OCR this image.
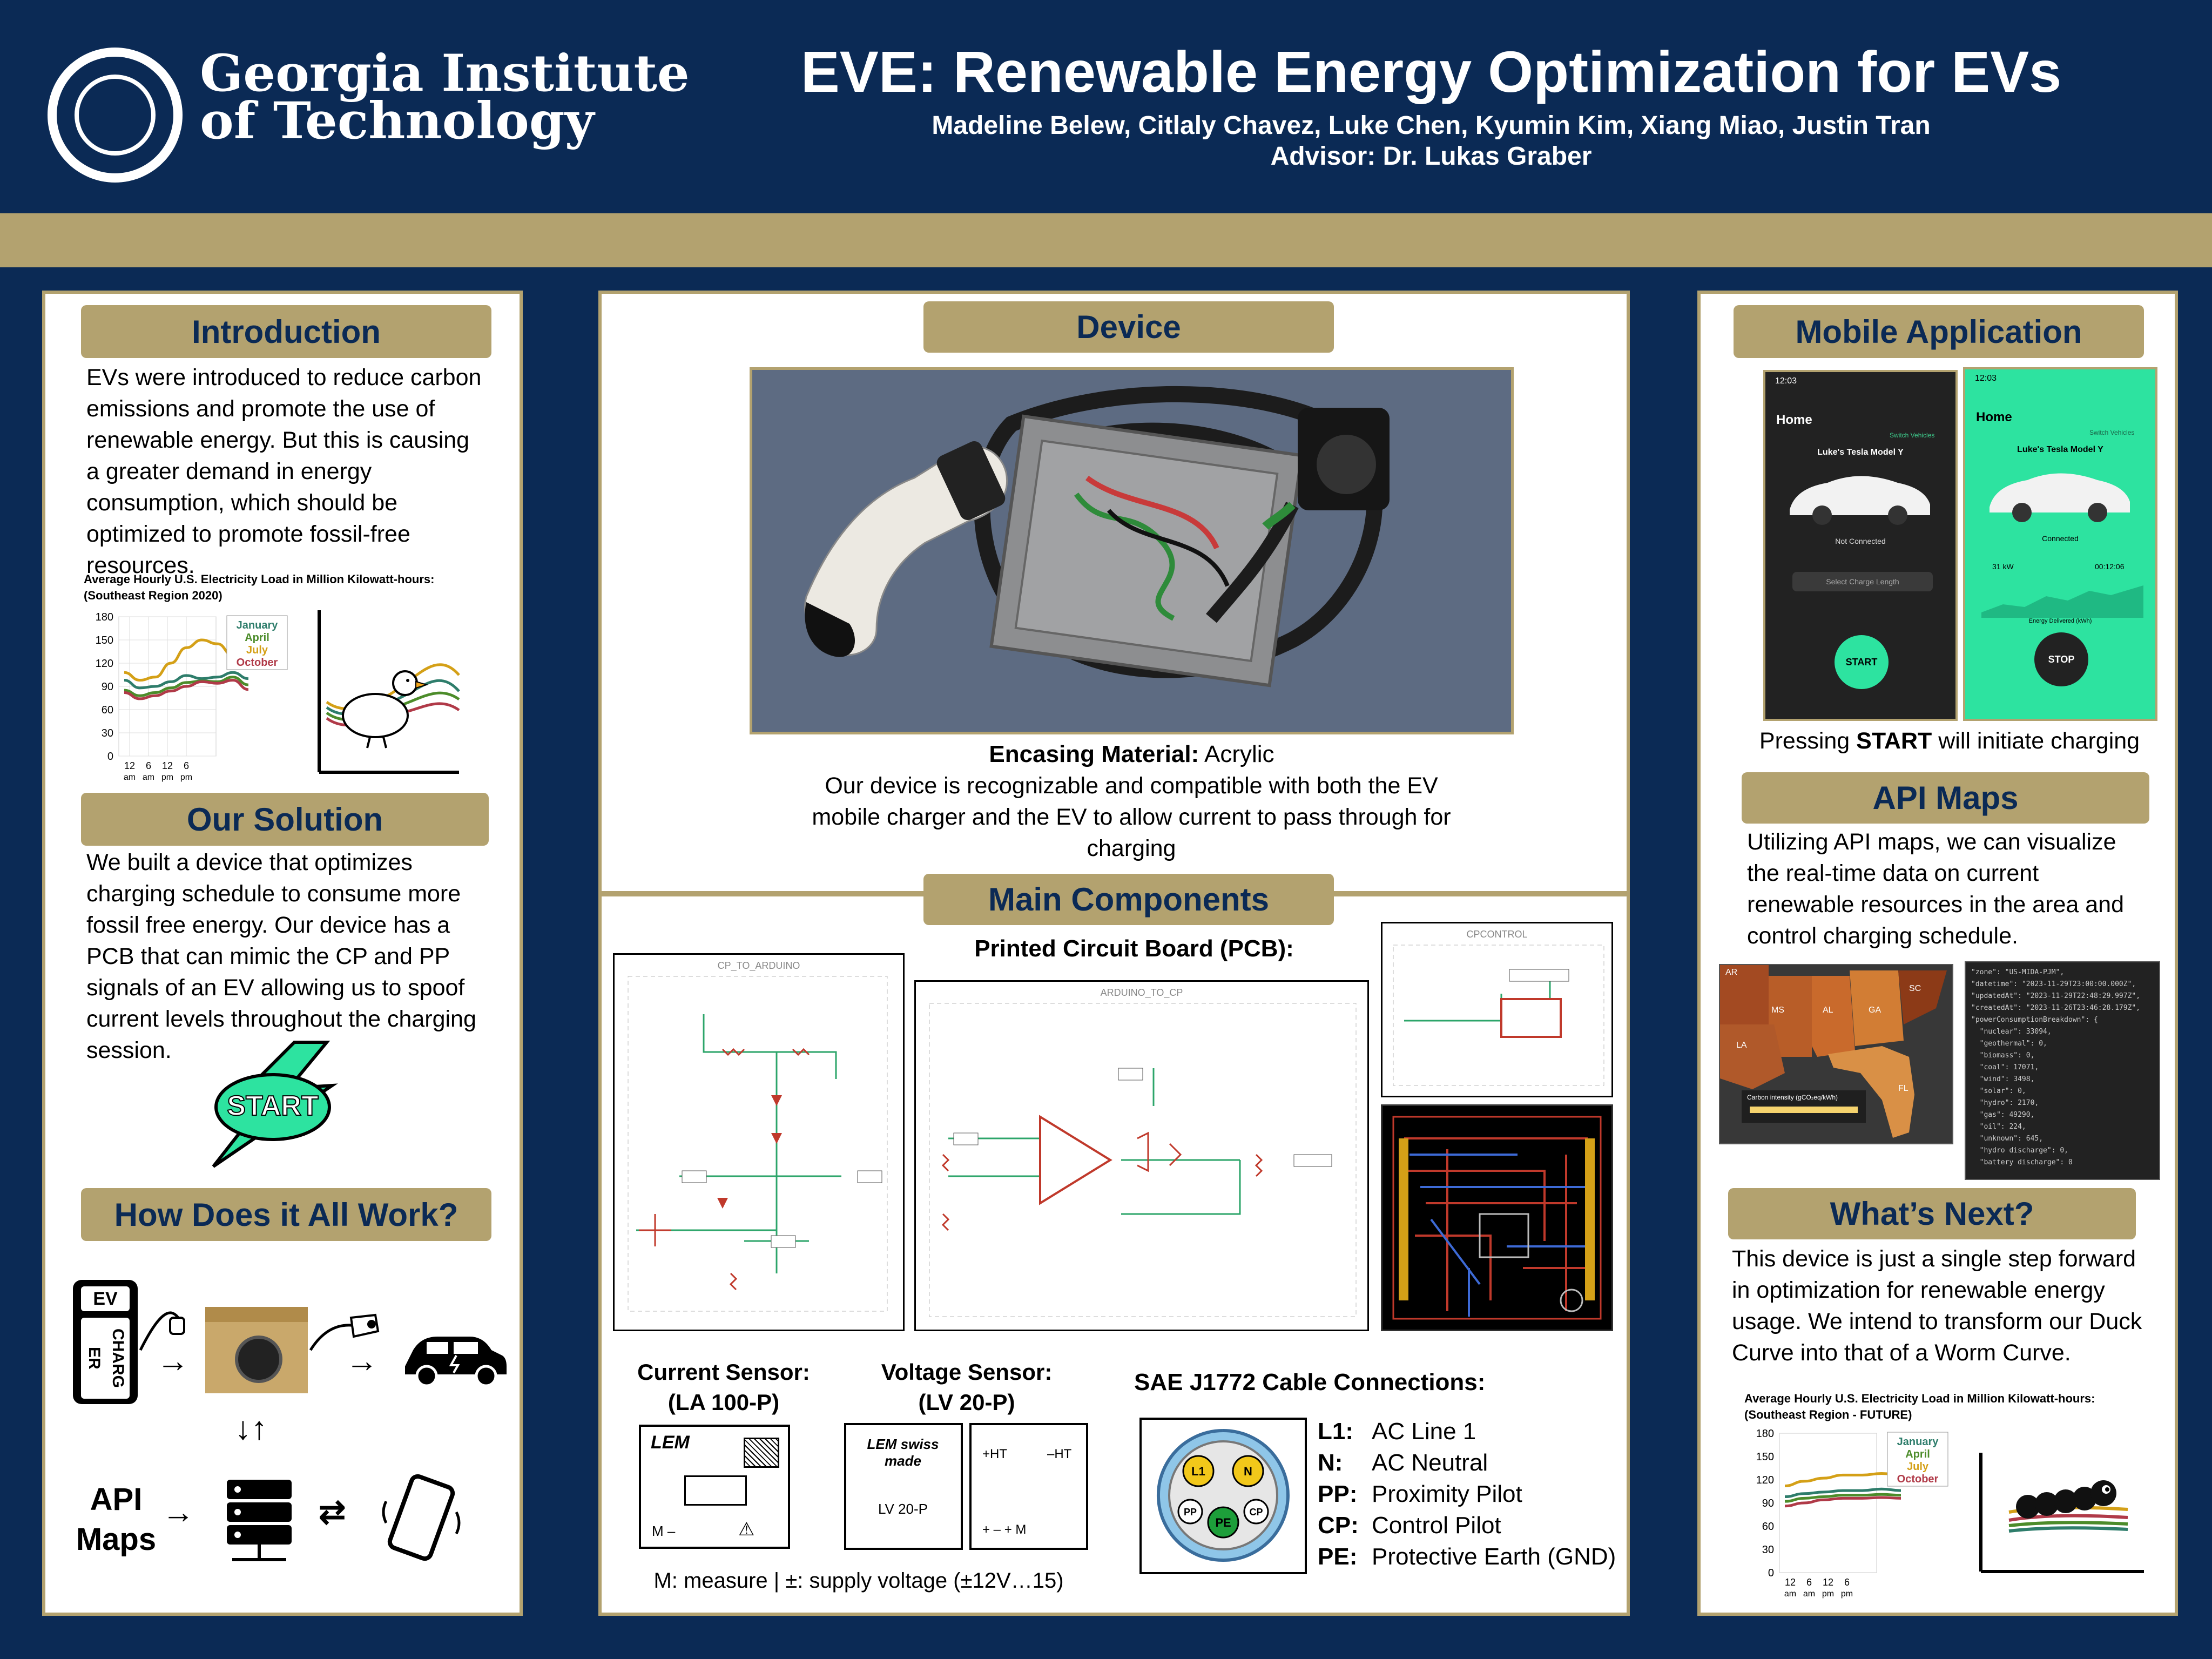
Georgia Institute
of Technology
EVE: Renewable Energy Optimization for EVs
Madeline Belew, Citlaly Chavez, Luke Chen, Kyumin Kim, Xiang Miao, Justin Tran
Advisor: Dr. Lukas Graber
Introduction
EVs were introduced to reduce carbon emissions and promote the use of renewable energy. But this is causing a greater demand in energy consumption, which should be optimized to promote fossil-free resources.
Average Hourly U.S. Electricity Load in Million Kilowatt-hours: (Southeast Region 2020)
0
30
60
90
120
150
180
12
am
6
am
12
pm
6
pm
January
April
July
October
Our Solution
We built a device that optimizes charging schedule to consume more fossil free energy. Our device has a PCB that can mimic the CP and PP signals of an EV allowing us to spoof current levels throughout the charging session.
START
How Does it All Work?
EV
CHARG ER	→	→
↓↑
API Maps
→	⇄
Device
Encasing Material: Acrylic
Our device is recognizable and compatible with both the EV mobile charger and the EV to allow current to pass through for charging
Main Components
Printed Circuit Board (PCB):
CP_TO_ARDUINO
ARDUINO_TO_CP
CPCONTROL
Current Sensor:
(LA 100-P)
LEM
M –	⚠
Voltage Sensor:
(LV 20-P)
LEM swiss made
LV 20-P
+HT	–HT
+ – + M
M: measure | ±: supply voltage (±12V…15)
SAE J1772 Cable Connections:
L1	N
PP
PE
CP
L1: AC Line 1
N: AC Neutral
PP: Proximity Pilot
CP: Control Pilot
PE: Protective Earth (GND)
Mobile Application
12:03
Home
Switch Vehicles
Luke's Tesla Model Y
Not Connected
Select Charge Length
START
12:03
Home
Switch Vehicles
Luke's Tesla Model Y
Connected
31 kW	00:12:06
Energy Delivered (kWh)
STOP
Pressing START will initiate charging
API Maps
Utilizing API maps, we can visualize the real-time data on current renewable resources in the area and control charging schedule.
AR
MS	AL	GA
SC
LA
FL
Carbon intensity (gCO₂eq/kWh)
"zone": "US-MIDA-PJM",
"datetime": "2023-11-29T23:00:00.000Z",
"updatedAt": "2023-11-29T22:48:29.997Z",
"createdAt": "2023-11-26T23:46:28.179Z",
"powerConsumptionBreakdown": {
"nuclear": 33094,
"geothermal": 0,
"biomass": 0,
"coal": 17071,
"wind": 3498,
"solar": 0,
"hydro": 2170,
"gas": 49290,
"oil": 224,
"unknown": 645,
"hydro discharge": 0,
"battery discharge": 0
What’s Next?
This device is just a single step forward in optimization for renewable energy usage. We intend to transform our Duck Curve into that of a Worm Curve.
Average Hourly U.S. Electricity Load in Million Kilowatt-hours: (Southeast Region - FUTURE)
0
30
60
90
120
150
180
12
am
6
am
12
pm
6
pm
January
April
July
October
